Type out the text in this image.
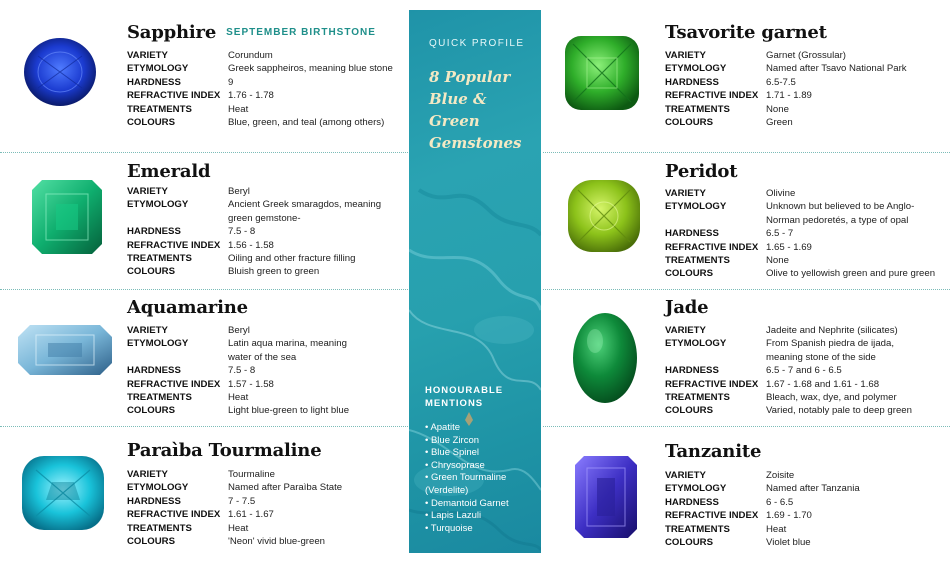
Sapphire SEPTEMBER BIRTHSTONE
VARIETY	Corundum
ETYMOLOGY	Greek sappheiros, meaning blue stone
HARDNESS	9
REFRACTIVE INDEX 1.76 - 1.78
TREATMENTS	Heat
COLOURS	Blue, green, and teal (among others)
Emerald
VARIETY	Beryl
ETYMOLOGY	Ancient Greek smaragdos, meaning
green gemstone-
HARDNESS	7.5 - 8
REFRACTIVE INDEX 1.56 - 1.58
TREATMENTS	Oiling and other fracture filling
COLOURS	Bluish green to green
Aquamarine
VARIETY	Beryl
ETYMOLOGY	Latin aqua marina, meaning
water of the sea
HARDNESS	7.5 - 8
REFRACTIVE INDEX 1.57 - 1.58
TREATMENTS	Heat
COLOURS	Light blue-green to light blue
Paraìba Tourmaline
VARIETY	Tourmaline
ETYMOLOGY	Named after Paraìba State
HARDNESS	7 - 7.5
REFRACTIVE INDEX 1.61 - 1.67
TREATMENTS	Heat
COLOURS	'Neon' vivid blue-green
QUICK PROFILE
8 Popular Blue & Green Gemstones
HONOURABLE MENTIONS
• Apatite
• Blue Zircon
• Blue Spinel
• Chrysoprase
• Green Tourmaline
(Verdelite)
• Demantoid Garnet
• Lapis Lazuli
• Turquoise
Tsavorite garnet
VARIETY	Garnet (Grossular)
ETYMOLOGY	Named after Tsavo National Park
HARDNESS	6.5-7.5
REFRACTIVE INDEX 1.71 - 1.89
TREATMENTS	None
COLOURS	Green
Peridot
VARIETY	Olivine
ETYMOLOGY	Unknown but believed to be Anglo-
Norman pedoretés, a type of opal
HARDNESS	6.5 - 7
REFRACTIVE INDEX 1.65 - 1.69
TREATMENTS	None
COLOURS	Olive to yellowish green and pure green
Jade
VARIETY	Jadeite and Nephrite (silicates)
ETYMOLOGY	From Spanish piedra de ijada,
meaning stone of the side
HARDNESS	6.5 - 7 and 6 - 6.5
REFRACTIVE INDEX 1.67 - 1.68 and 1.61 - 1.68
TREATMENTS	Bleach, wax, dye, and polymer
COLOURS	Varied, notably pale to deep green
Tanzanite
VARIETY	Zoisite
ETYMOLOGY	Named after Tanzania
HARDNESS	6 - 6.5
REFRACTIVE INDEX 1.69 - 1.70
TREATMENTS	Heat
COLOURS	Violet blue
